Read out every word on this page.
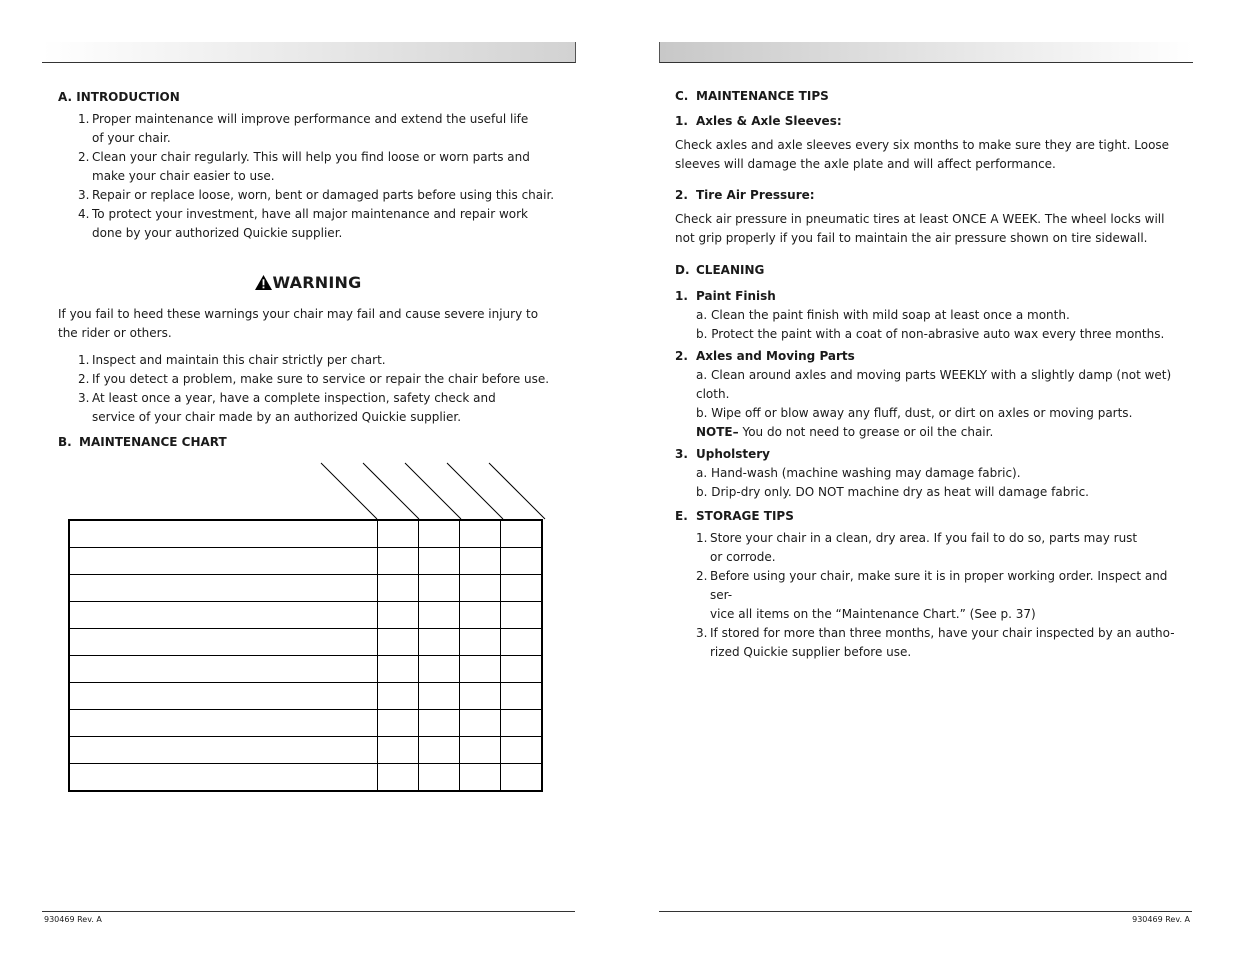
A. INTRODUCTION

1. Proper maintenance will improve performance and extend the useful life
of your chair.
2. Clean your chair regularly. This will help you find loose or worn parts and make your chair easier to use.
3. Repair or replace loose, worn, bent or damaged parts before using this chair.
4. To protect your investment, have all major maintenance and repair work done by your authorized Quickie supplier.

WARNING

If you fail to heed these warnings your chair may fail and cause severe injury to the rider or others.

1. Inspect and maintain this chair strictly per chart.
2. If you detect a problem, make sure to service or repair the chair before use.
3. At least once a year, have a complete inspection, safety check and
service of your chair made by an authorized Quickie supplier.

B. MAINTENANCE CHART

930469 Rev. A

C. MAINTENANCE TIPS

1. Axles & Axle Sleeves:

Check axles and axle sleeves every six months to make sure they are tight. Loose sleeves will damage the axle plate and will affect performance.

2. Tire Air Pressure:

Check air pressure in pneumatic tires at least ONCE A WEEK. The wheel locks will not grip properly if you fail to maintain the air pressure shown on tire sidewall.

D. CLEANING

1. Paint Finish

a. Clean the paint finish with mild soap at least once a month.
b. Protect the paint with a coat of non-abrasive auto wax every three months.

2. Axles and Moving Parts

a. Clean around axles and moving parts WEEKLY with a slightly damp (not wet) cloth.
b. Wipe off or blow away any fluff, dust, or dirt on axles or moving parts.
NOTE– You do not need to grease or oil the chair.

3. Upholstery

a. Hand-wash (machine washing may damage fabric).
b. Drip-dry only. DO NOT machine dry as heat will damage fabric.

E. STORAGE TIPS

1. Store your chair in a clean, dry area. If you fail to do so, parts may rust
or corrode.
2. Before using your chair, make sure it is in proper working order. Inspect and ser-
vice all items on the “Maintenance Chart.” (See p. 37)
3. If stored for more than three months, have your chair inspected by an autho-
rized Quickie supplier before use.
930469 Rev. A
